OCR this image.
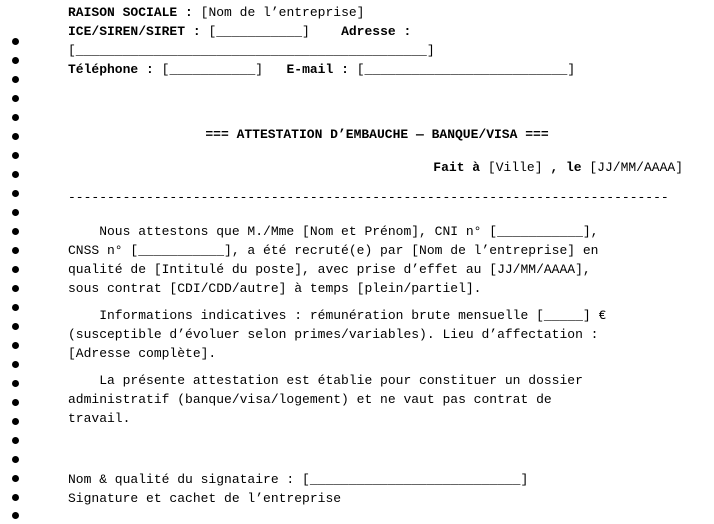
RAISON SOCIALE : [Nom de l’entreprise]
ICE/SIREN/SIRET : [___________] Adresse :
[_____________________________________________]
Téléphone : [___________] E-mail : [__________________________]
=== ATTESTATION D’EMBAUCHE — BANQUE/VISA ===
Fait à [Ville] , le [JJ/MM/AAAA]
-----------------------------------------------------------------------------
Nous attestons que M./Mme [Nom et Prénom], CNI n° [___________],
CNSS n° [___________], a été recruté(e) par [Nom de l’entreprise] en
qualité de [Intitulé du poste], avec prise d’effet au [JJ/MM/AAAA],
sous contrat [CDI/CDD/autre] à temps [plein/partiel].
Informations indicatives : rémunération brute mensuelle [_____] €
(susceptible d’évoluer selon primes/variables). Lieu d’affectation :
[Adresse complète].
La présente attestation est établie pour constituer un dossier
administratif (banque/visa/logement) et ne vaut pas contrat de
travail.
Nom & qualité du signataire : [___________________________]
Signature et cachet de l’entreprise
